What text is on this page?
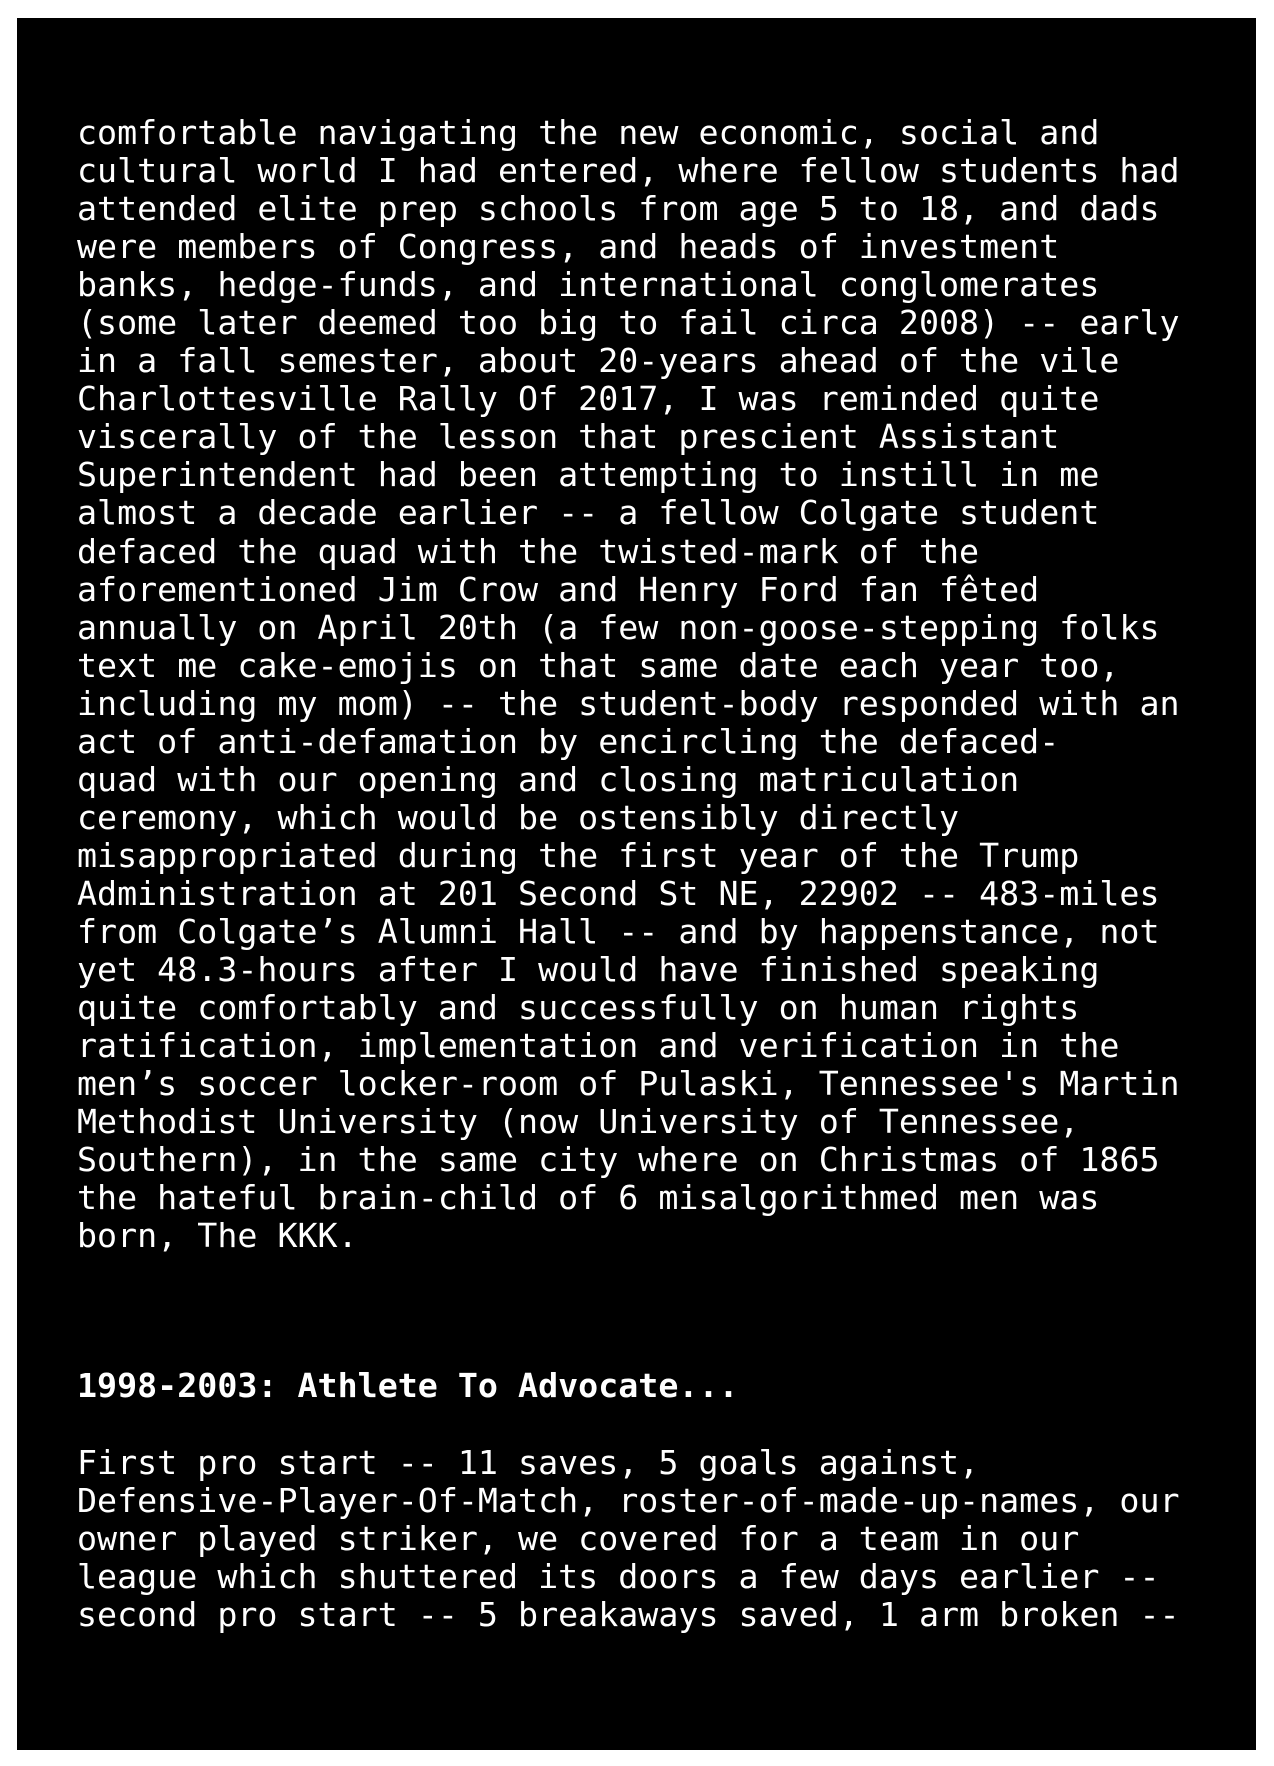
comfortable navigating the new economic, social and
cultural world I had entered, where fellow students had
attended elite prep schools from age 5 to 18, and dads
were members of Congress, and heads of investment
banks, hedge-funds, and international conglomerates
(some later deemed too big to fail circa 2008) -- early
in a fall semester, about 20-years ahead of the vile
Charlottesville Rally Of 2017, I was reminded quite
viscerally of the lesson that prescient Assistant
Superintendent had been attempting to instill in me
almost a decade earlier -- a fellow Colgate student
defaced the quad with the twisted-mark of the
aforementioned Jim Crow and Henry Ford fan fêted
annually on April 20th (a few non-goose-stepping folks
text me cake-emojis on that same date each year too,
including my mom) -- the student-body responded with an
act of anti-defamation by encircling the defaced-
quad with our opening and closing matriculation
ceremony, which would be ostensibly directly
misappropriated during the first year of the Trump
Administration at 201 Second St NE, 22902 -- 483-miles
from Colgate’s Alumni Hall -- and by happenstance, not
yet 48.3-hours after I would have finished speaking
quite comfortably and successfully on human rights
ratification, implementation and verification in the
men’s soccer locker-room of Pulaski, Tennessee's Martin
Methodist University (now University of Tennessee,
Southern), in the same city where on Christmas of 1865
the hateful brain-child of 6 misalgorithmed men was
born, The KKK.
1998-2003: Athlete To Advocate...
First pro start -- 11 saves, 5 goals against,
Defensive-Player-Of-Match, roster-of-made-up-names, our
owner played striker, we covered for a team in our
league which shuttered its doors a few days earlier --
second pro start -- 5 breakaways saved, 1 arm broken --
